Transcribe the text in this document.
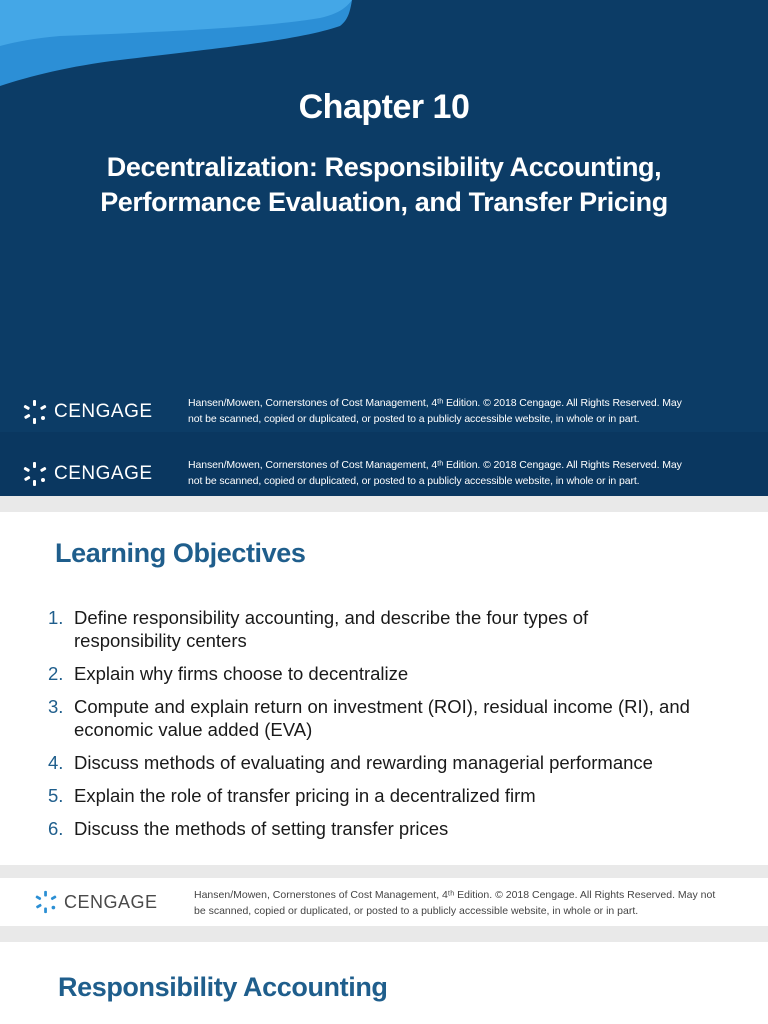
Chapter 10
Decentralization: Responsibility Accounting,
Performance Evaluation, and Transfer Pricing
CENGAGE	Hansen/Mowen, Cornerstones of Cost Management, 4ᵗʰ Edition. © 2018 Cengage. All Rights Reserved. May
not be scanned, copied or duplicated, or posted to a publicly accessible website, in whole or in part.
CENGAGE	Hansen/Mowen, Cornerstones of Cost Management, 4ᵗʰ Edition. © 2018 Cengage. All Rights Reserved. May
not be scanned, copied or duplicated, or posted to a publicly accessible website, in whole or in part.
Learning Objectives
1. Define responsibility accounting, and describe the four types of
responsibility centers
2. Explain why firms choose to decentralize
3. Compute and explain return on investment (ROI), residual income (RI), and
economic value added (EVA)
4. Discuss methods of evaluating and rewarding managerial performance
5. Explain the role of transfer pricing in a decentralized firm
6. Discuss the methods of setting transfer prices
CENGAGE	Hansen/Mowen, Cornerstones of Cost Management, 4ᵗʰ Edition. © 2018 Cengage. All Rights Reserved. May not
be scanned, copied or duplicated, or posted to a publicly accessible website, in whole or in part.
Responsibility Accounting
